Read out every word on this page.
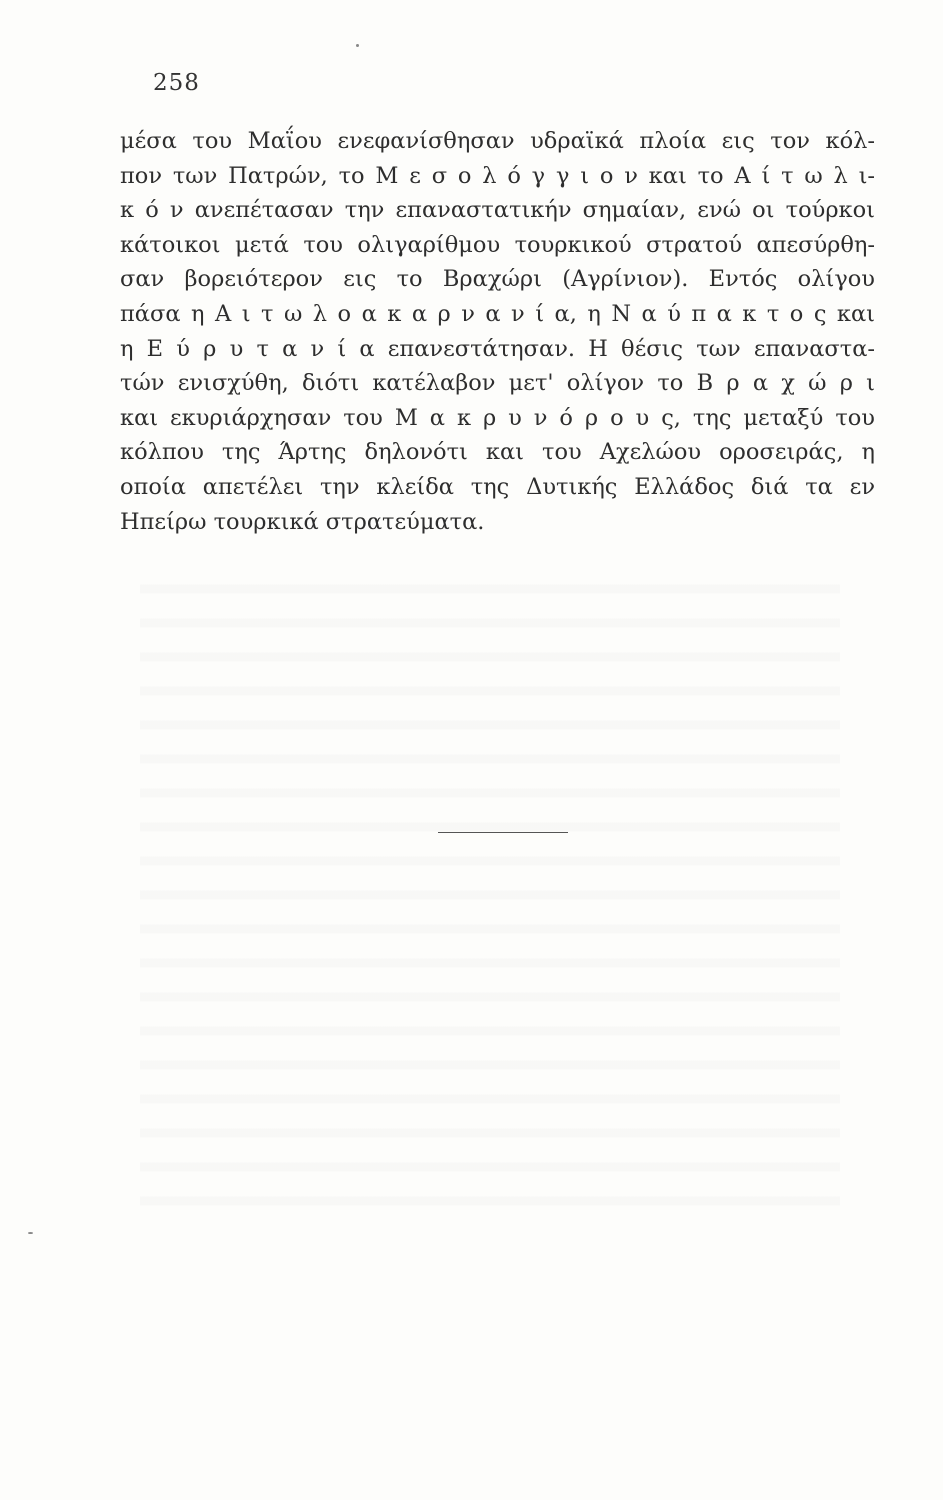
258
μέσα του Μαΐου ενεφανίσθησαν υδραϊκά πλοία εις τον κόλ-
πον των Πατρών, το Μ ε σ ο λ ό γ γ ι ο ν και το Α ί τ ω λ ι-
κ ό ν ανεπέτασαν την επαναστατικήν σημαίαν, ενώ οι τούρκοι
κάτοικοι μετά του ολιγαρίθμου τουρκικού στρατού απεσύρθη-
σαν βορειότερον εις το Βραχώρι (Αγρίνιον). Εντός ολίγου
πάσα η Α ι τ ω λ ο α κ α ρ ν α ν ί α, η Ν α ύ π α κ τ ο ς και
η Ε ύ ρ υ τ α ν ί α επανεστάτησαν. Η θέσις των επαναστα-
τών ενισχύθη, διότι κατέλαβον μετ' ολίγον το Β ρ α χ ώ ρ ι
και εκυριάρχησαν του Μ α κ ρ υ ν ό ρ ο υ ς, της μεταξύ του
κόλπου της Άρτης δηλονότι και του Αχελώου οροσειράς, η
οποία απετέλει την κλείδα της Δυτικής Ελλάδος διά τα εν
Ηπείρω τουρκικά στρατεύματα.
